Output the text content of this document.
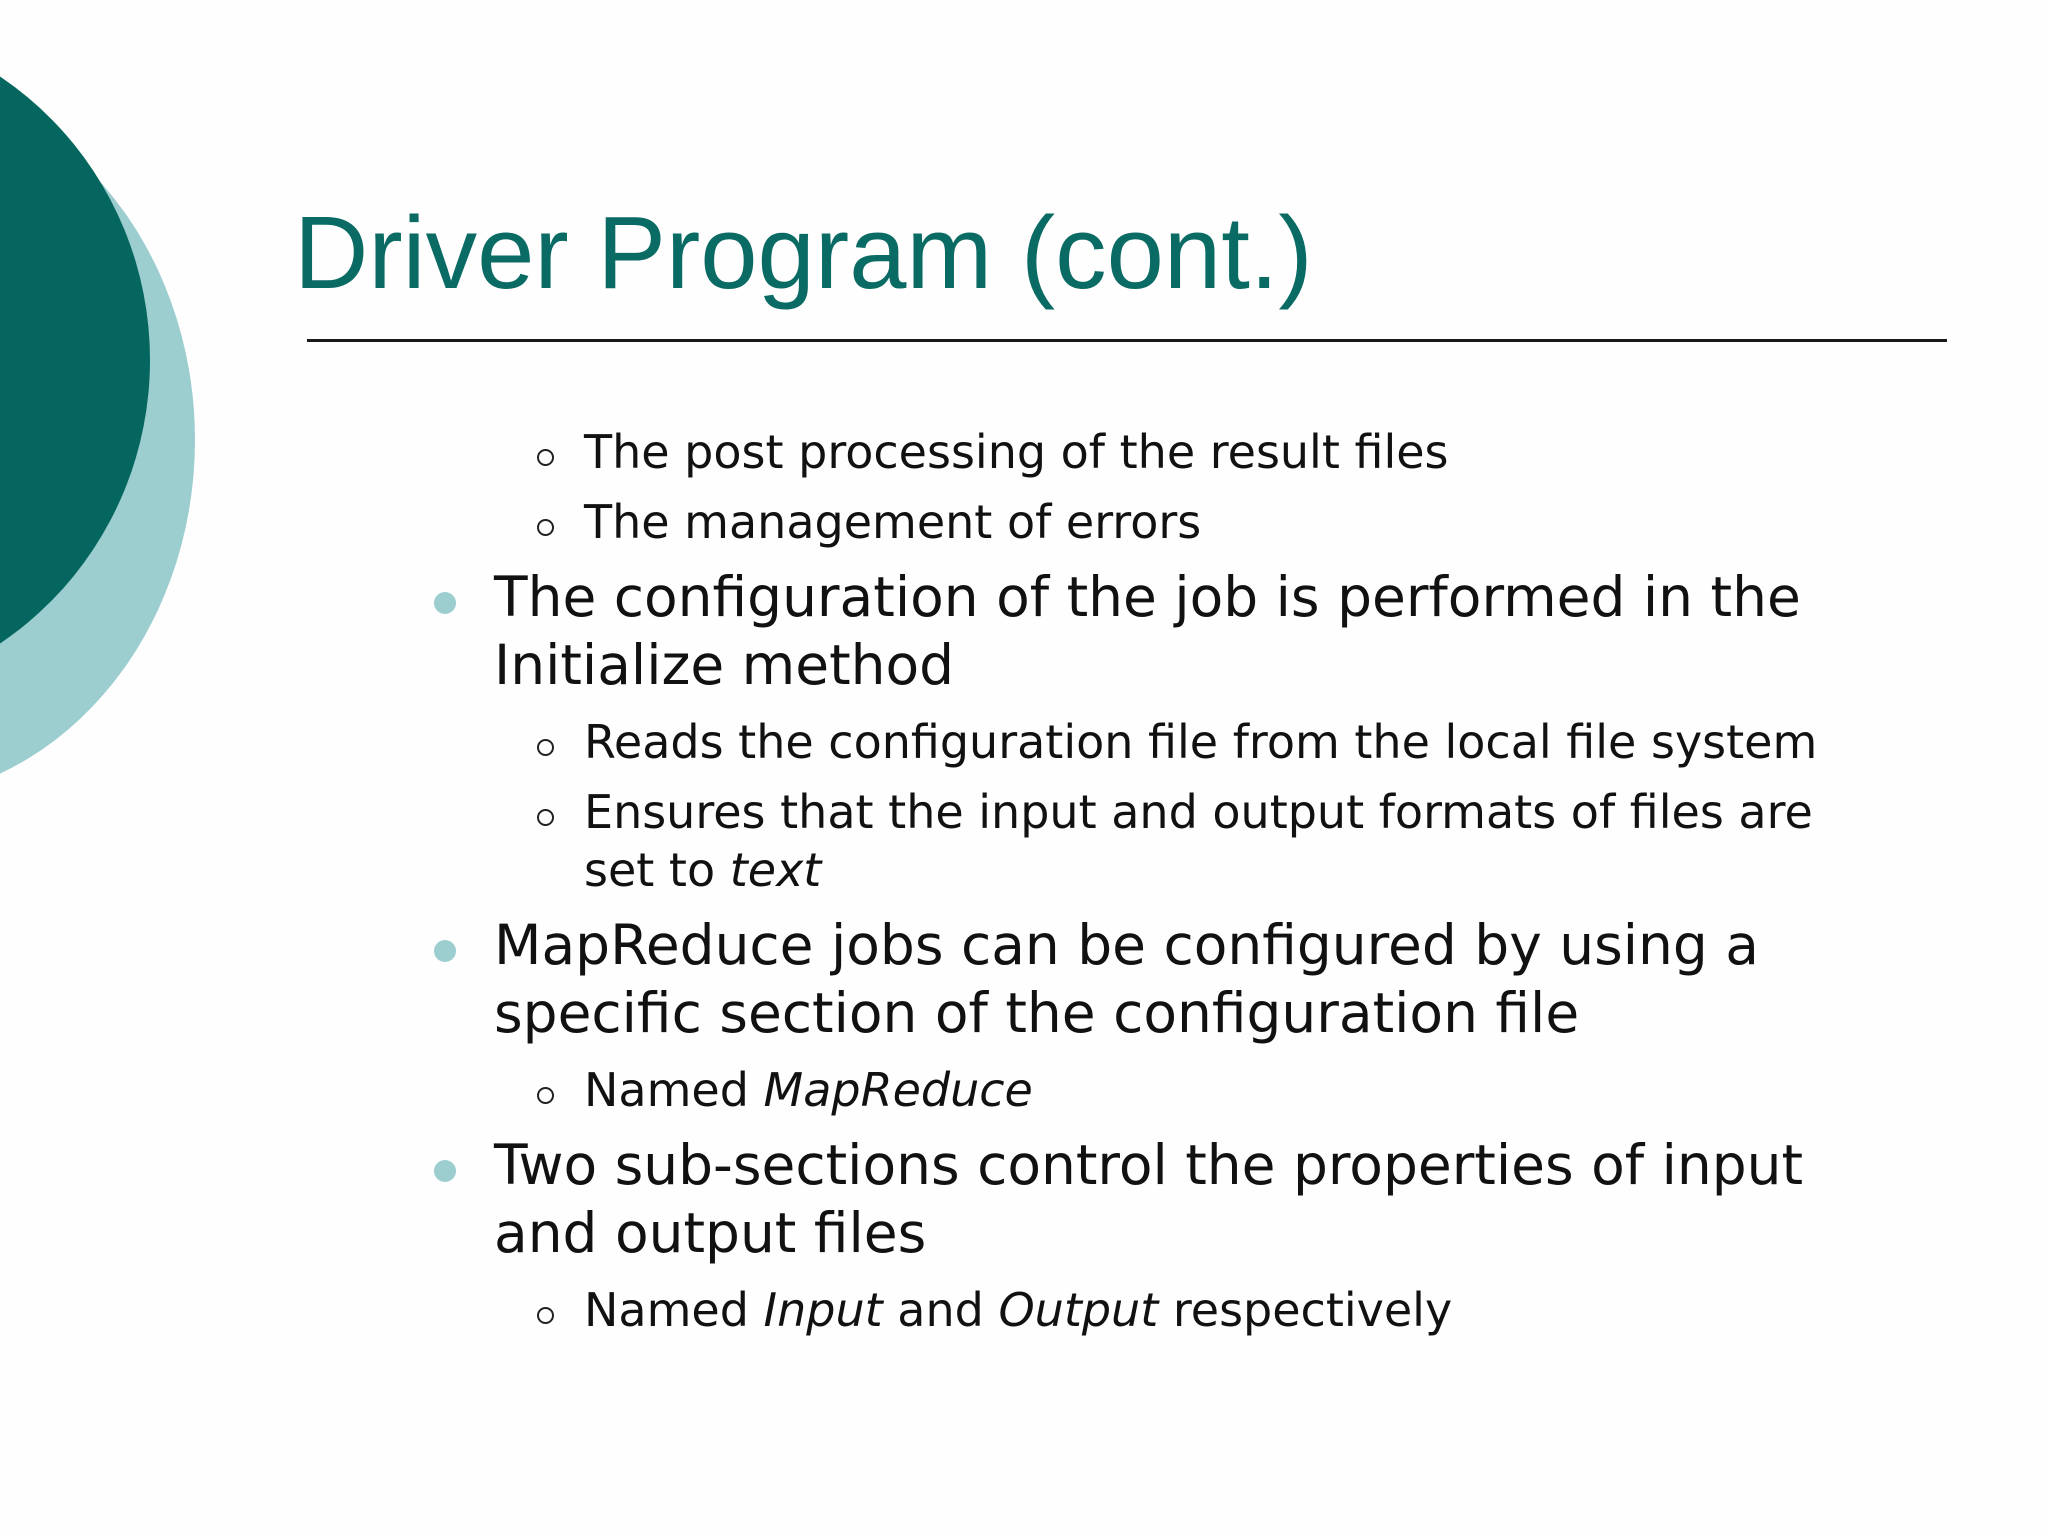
Driver Program (cont.)
The post processing of the result files
The management of errors
The configuration of the job is performed in the
Initialize method
Reads the configuration file from the local file system
Ensures that the input and output formats of files are
set to text
MapReduce jobs can be configured by using a
specific section of the configuration file
Named MapReduce
Two sub-sections control the properties of input
and output files
Named Input and Output respectively
